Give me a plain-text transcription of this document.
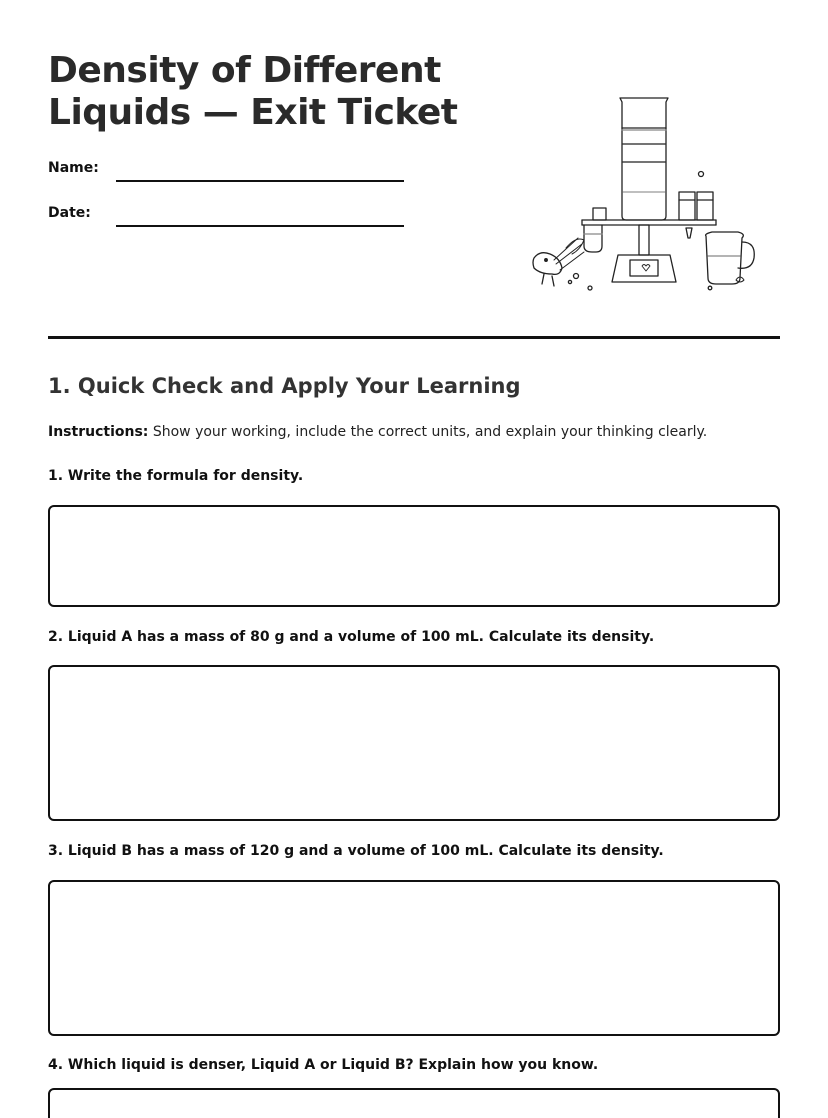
Density of Different Liquids — Exit Ticket
Name:
Date:
1. Quick Check and Apply Your Learning
Instructions: Show your working, include the correct units, and explain your thinking clearly.
1. Write the formula for density.
2. Liquid A has a mass of 80 g and a volume of 100 mL. Calculate its density.
3. Liquid B has a mass of 120 g and a volume of 100 mL. Calculate its density.
4. Which liquid is denser, Liquid A or Liquid B? Explain how you know.
